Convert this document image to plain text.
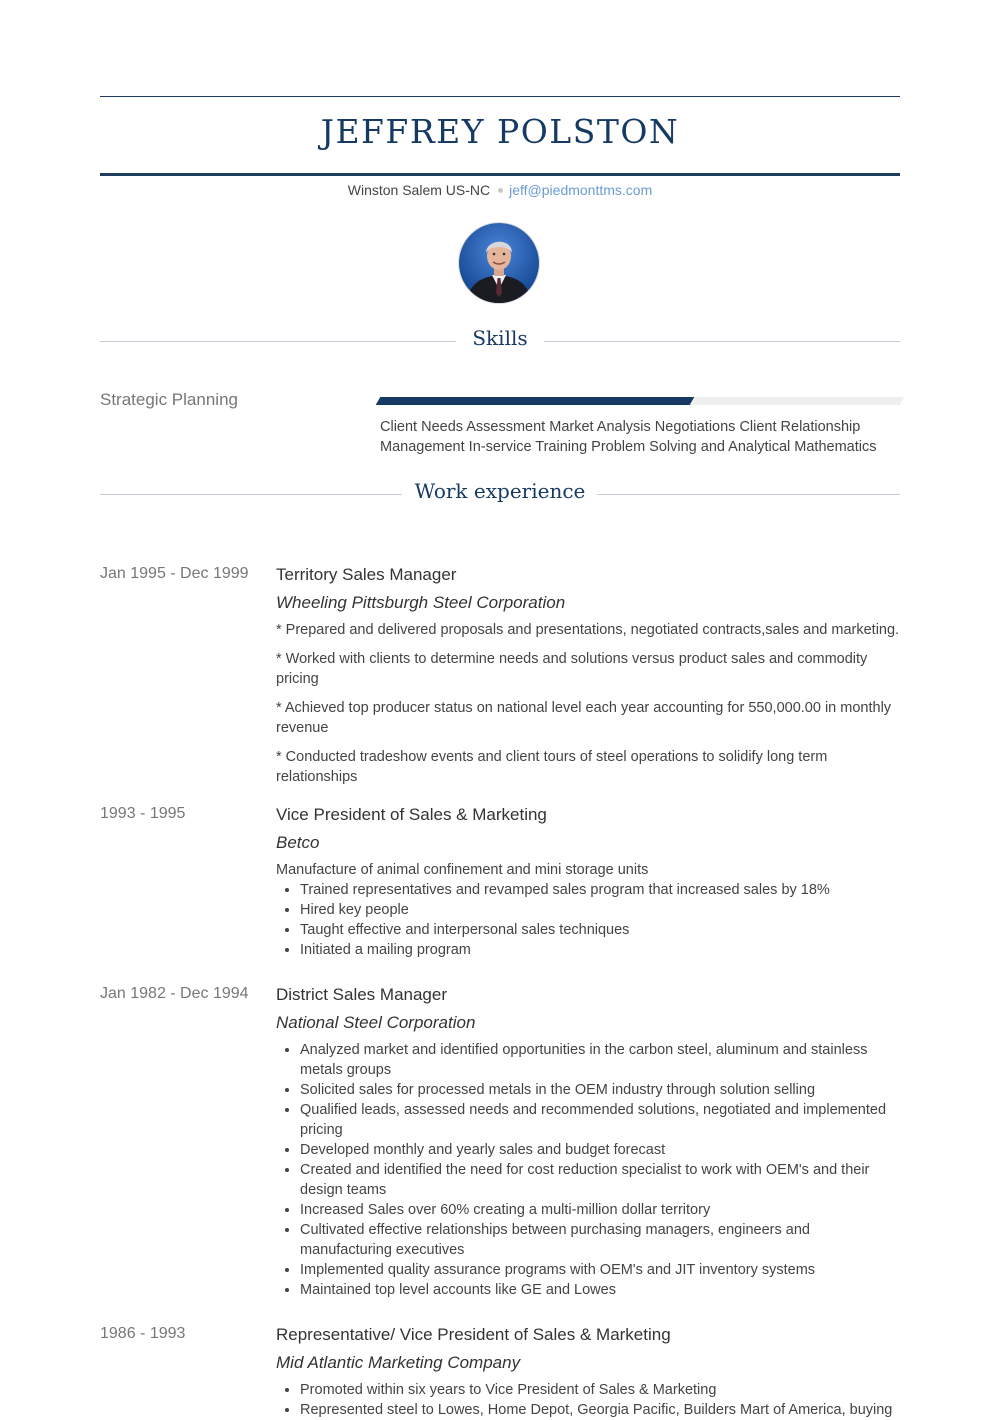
JEFFREY POLSTON
Winston Salem US-NC jeff@piedmonttms.com
Skills
Strategic Planning
Client Needs Assessment Market Analysis Negotiations Client Relationship Management In-service Training Problem Solving and Analytical Mathematics
Work experience
Jan 1995 - Dec 1999 Territory Sales Manager
Wheeling Pittsburgh Steel Corporation

* Prepared and delivered proposals and presentations, negotiated contracts,sales and marketing.

* Worked with clients to determine needs and solutions versus product sales and commodity pricing

* Achieved top producer status on national level each year accounting for 550,000.00 in monthly revenue

* Conducted tradeshow events and client tours of steel operations to solidify long term relationships

1993 - 1995	Vice President of Sales & Marketing
Betco

Manufacture of animal confinement and mini storage units

• Trained representatives and revamped sales program that increased sales by 18%
• Hired key people
• Taught effective and interpersonal sales techniques
• Initiated a mailing program
Jan 1982 - Dec 1994 District Sales Manager
National Steel Corporation
• Analyzed market and identified opportunities in the carbon steel, aluminum and stainless metals groups
• Solicited sales for processed metals in the OEM industry through solution selling
• Qualified leads, assessed needs and recommended solutions, negotiated and implemented pricing
• Developed monthly and yearly sales and budget forecast
• Created and identified the need for cost reduction specialist to work with OEM's and their design teams
• Increased Sales over 60% creating a multi-million dollar territory
• Cultivated effective relationships between purchasing managers, engineers and manufacturing executives
• Implemented quality assurance programs with OEM's and JIT inventory systems
• Maintained top level accounts like GE and Lowes
1986 - 1993	Representative/ Vice President of Sales & Marketing
Mid Atlantic Marketing Company
• Promoted within six years to Vice President of Sales & Marketing
• Represented steel to Lowes, Home Depot, Georgia Pacific, Builders Mart of America, buying
